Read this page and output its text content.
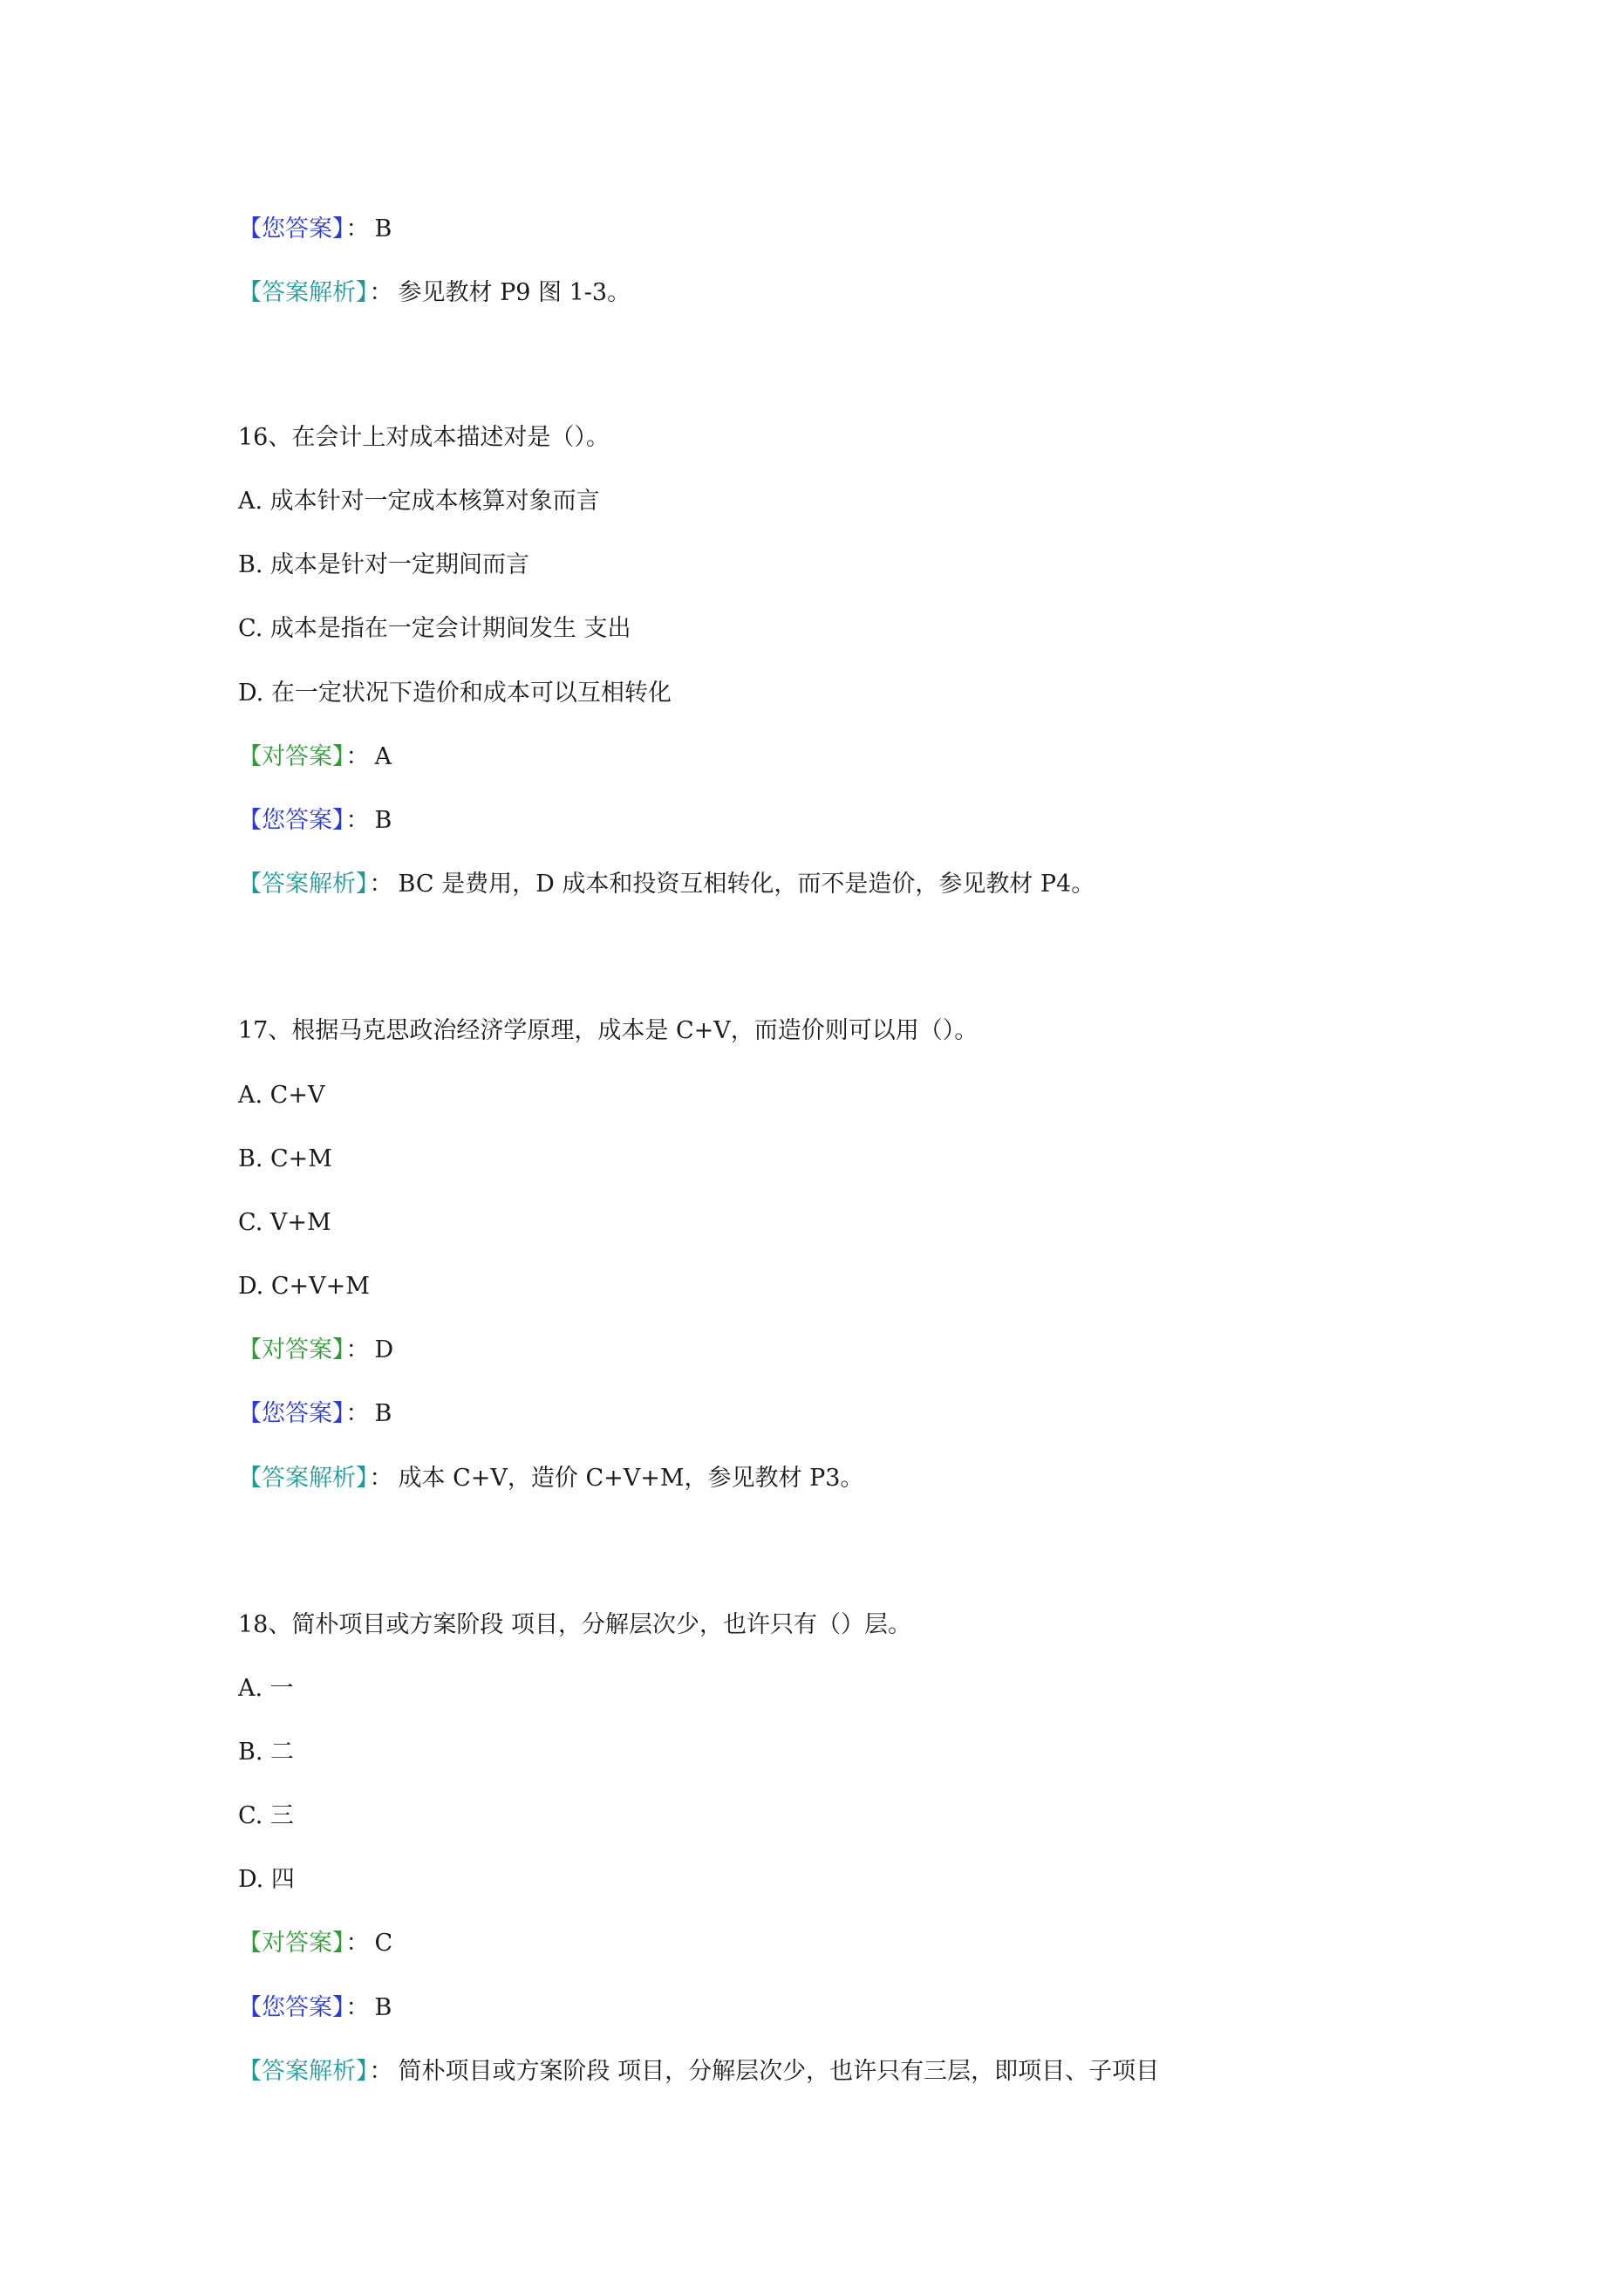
【您答案】： B
【答案解析】： 参见教材 P9 图 1-3。
16、在会计上对成本描述对是（）。
A. 成本针对一定成本核算对象而言
B. 成本是针对一定期间而言
C. 成本是指在一定会计期间发生 支出
D. 在一定状况下造价和成本可以互相转化
【对答案】： A
【您答案】： B
【答案解析】： BC 是费用，D 成本和投资互相转化，而不是造价，参见教材 P4。
17、根据马克思政治经济学原理，成本是 C+V，而造价则可以用（）。
A. C+V
B. C+M
C. V+M
D. C+V+M
【对答案】： D
【您答案】： B
【答案解析】： 成本 C+V，造价 C+V+M，参见教材 P3。
18、简朴项目或方案阶段 项目，分解层次少，也许只有（）层。
A. 一
B. 二
C. 三
D. 四
【对答案】： C
【您答案】： B
【答案解析】： 简朴项目或方案阶段 项目，分解层次少，也许只有三层，即项目、子项目
